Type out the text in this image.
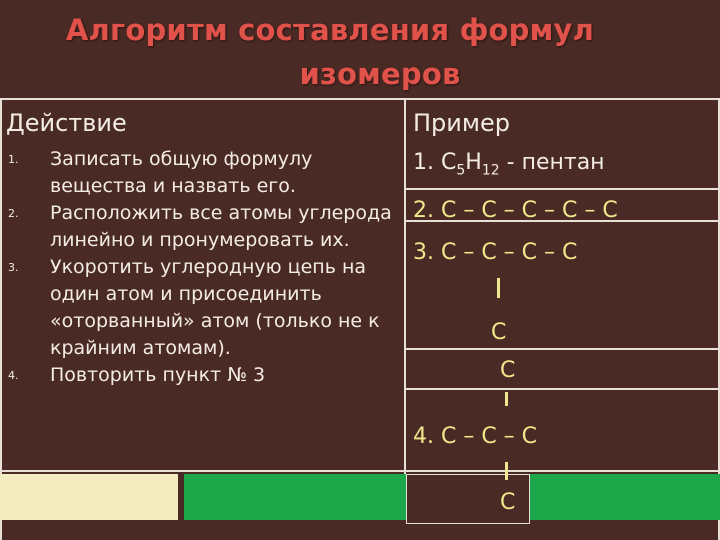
Алгоритм составления формул
изомеров
Действие	Пример
1. Записать общую формулу вещества и назвать его.
2. Расположить все атомы углерода линейно и пронумеровать их.
3. Укоротить углеродную цепь на один атом и присоединить «оторванный» атом (только не к крайним атомам).
4. Повторить пункт № 3
1. $C_5H_{12}$ - пентан
2. C – C – C – C – C
3. C – C – C – C
C
C
4. C – C – C
C
